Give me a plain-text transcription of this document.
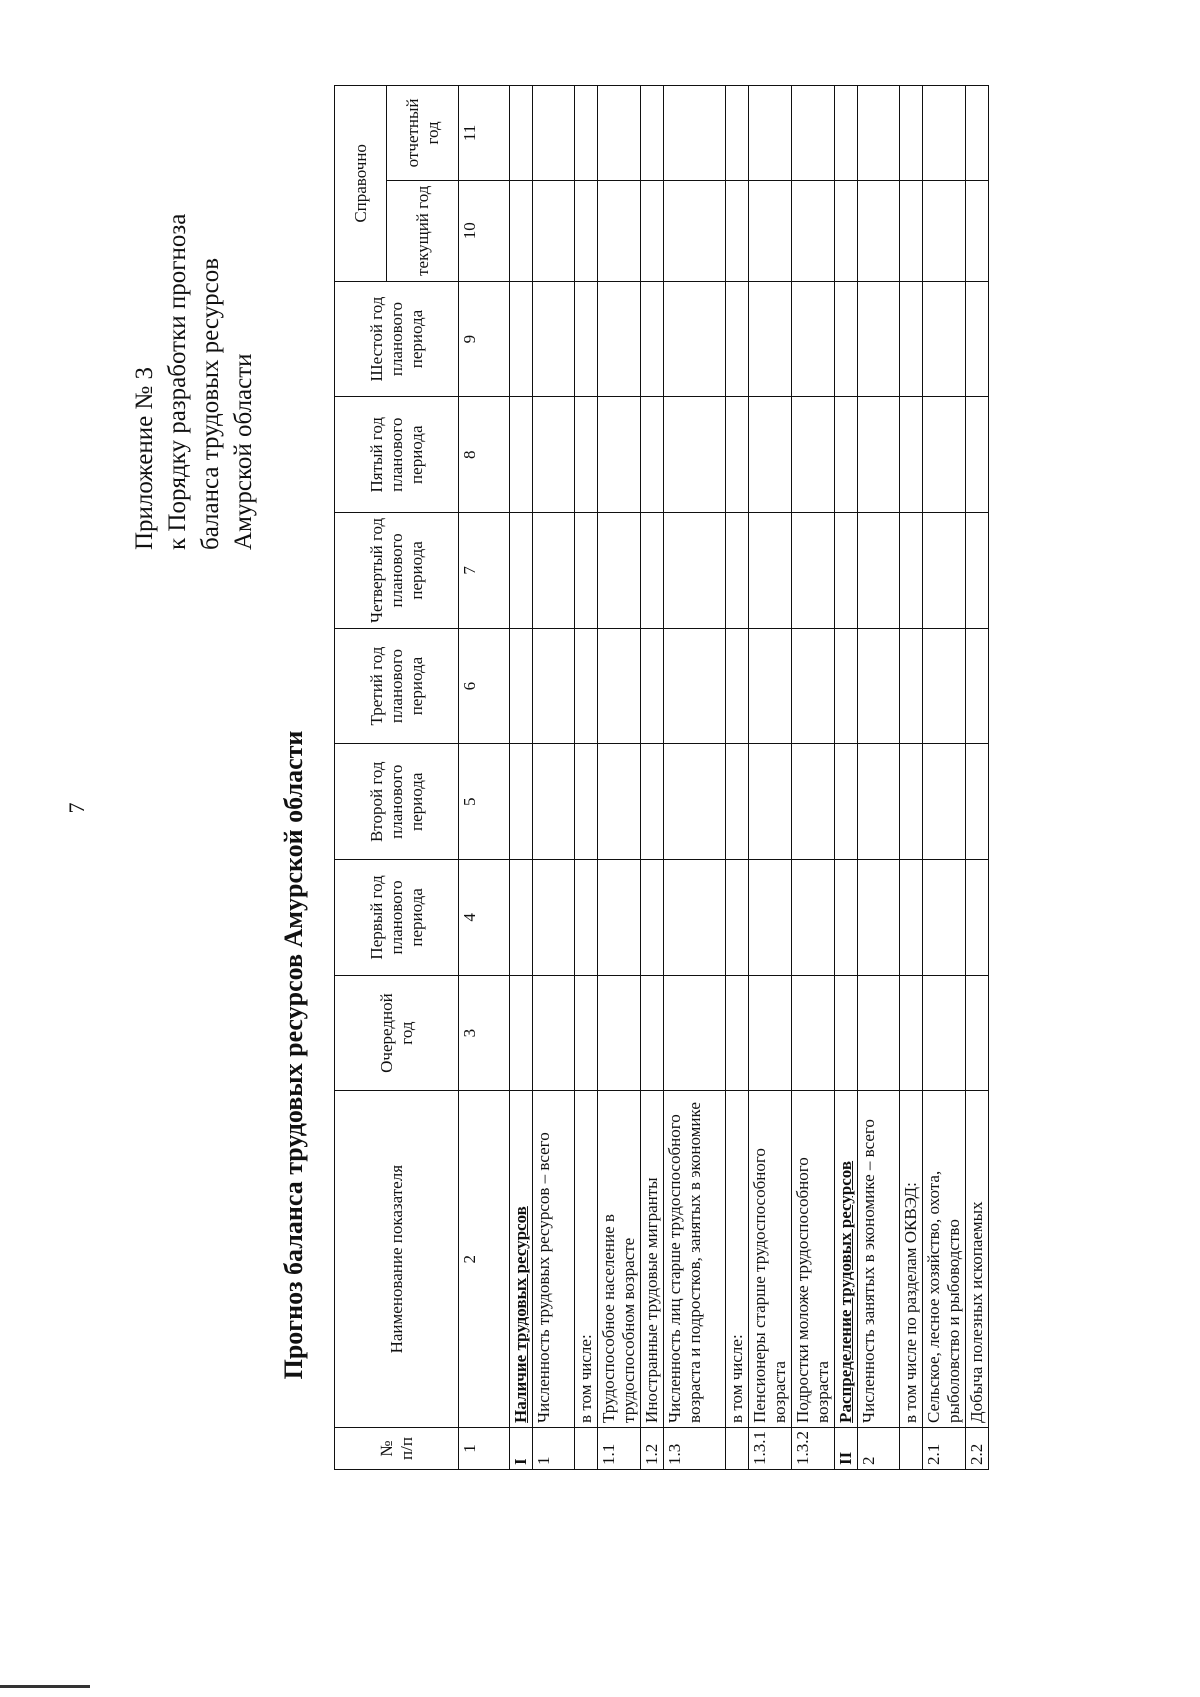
7
Приложение № 3 к Порядку разработки прогноза баланса трудовых ресурсов Амурской области
Прогноз баланса трудовых ресурсов Амурской области
№ п/п	Наименование показателя	Очередной год	Первый год планового периода	Второй год планового периода	Третий год планового периода	Четвертый год планового периода	Пятый год планового периода	Шестой год планового периода	Справочно	
									текущий год	отчетный год
1	2	3	4	5	6	7	8	9	10	11
I	Наличие трудовых ресурсов									
1	Численность трудовых ресурсов – всего									
	в том числе:									
1.1	Трудоспособное население в трудоспособном возрасте									
1.2	Иностранные трудовые мигранты									
1.3	Численность лиц старше трудоспособного возраста и подростков, занятых в экономике									
	в том числе:									
1.3.1	Пенсионеры старше трудоспособного возраста									
1.3.2	Подростки моложе трудоспособного возраста									
II	Распределение трудовых ресурсов									
2	Численность занятых в экономике – всего									
	в том числе по разделам ОКВЭД:									
2.1	Сельское, лесное хозяйство, охота, рыболовство и рыбоводство									
2.2	Добыча полезных ископаемых									
